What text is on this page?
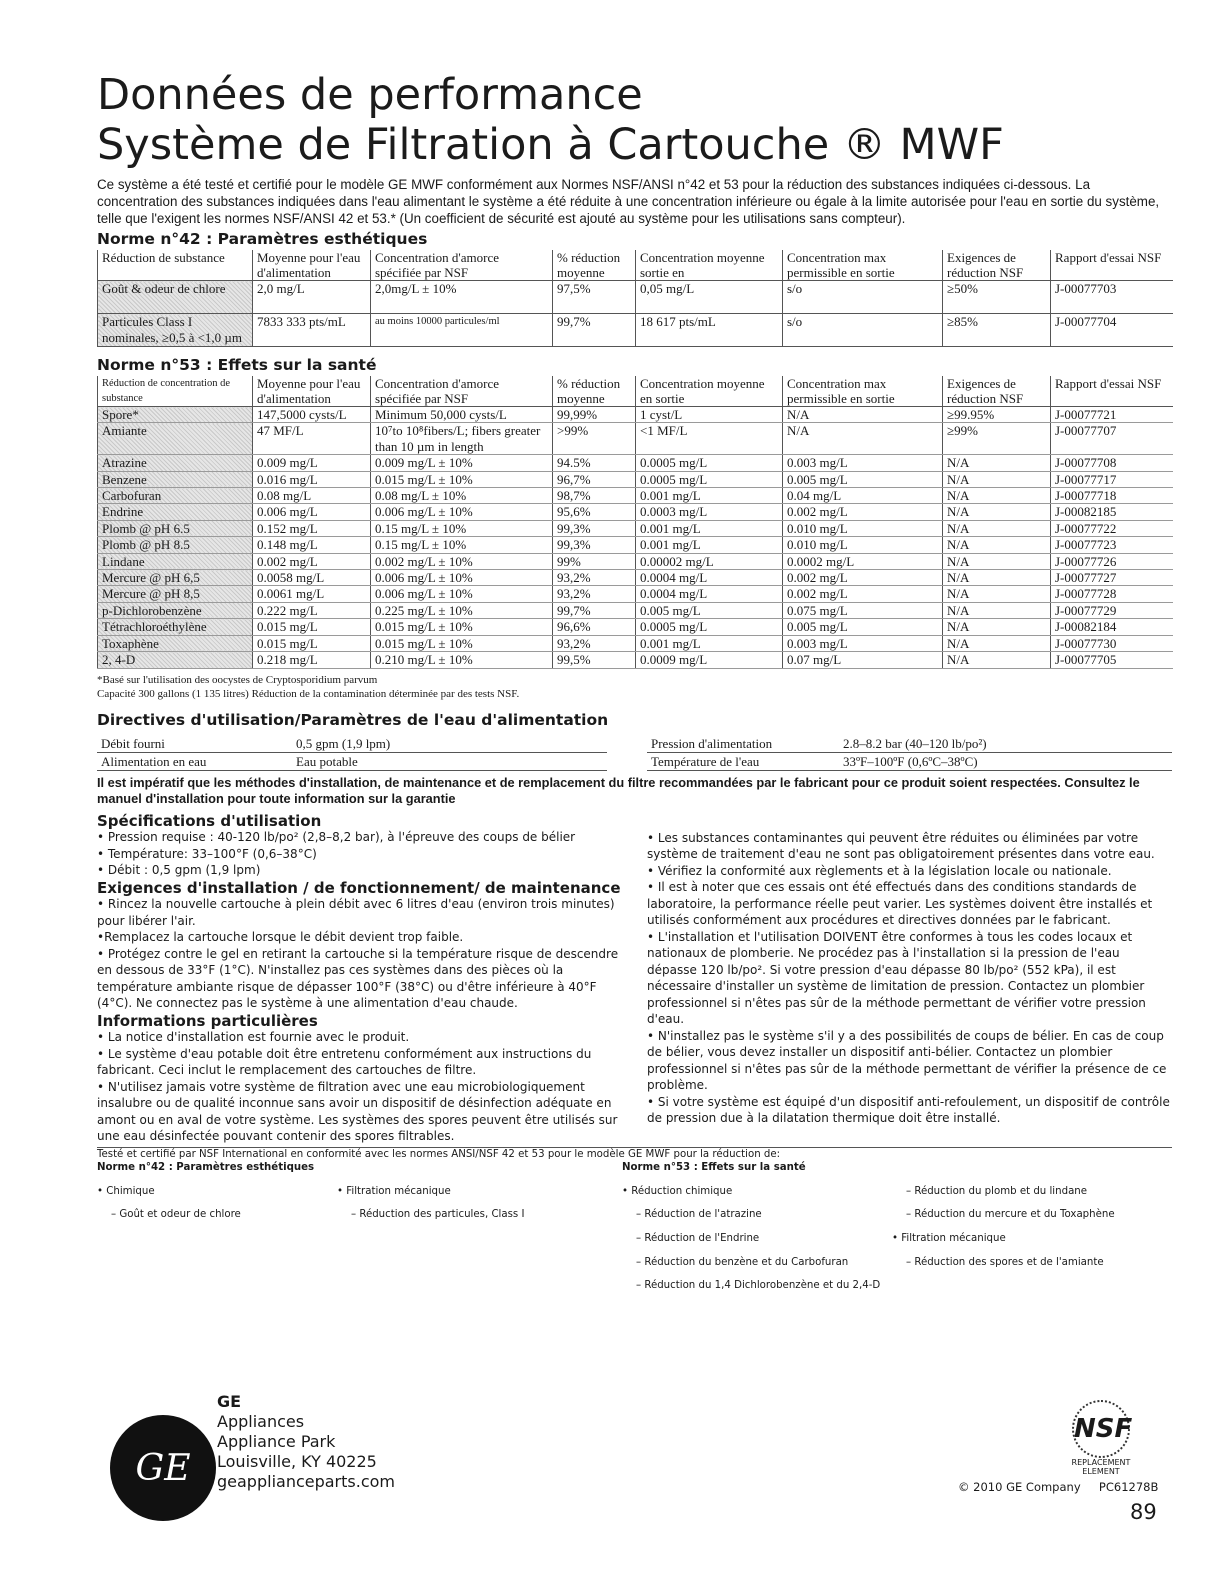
Données de performance
Système de Filtration à Cartouche ® MWF
Ce système a été testé et certifié pour le modèle GE MWF conformément aux Normes NSF/ANSI n°42 et 53 pour la réduction des substances indiquées ci-dessous. La concentration des substances indiquées dans l'eau alimentant le système a été réduite à une concentration inférieure ou égale à la limite autorisée pour l'eau en sortie du système, telle que l'exigent les normes NSF/ANSI 42 et 53.* (Un coefficient de sécurité est ajouté au système pour les utilisations sans compteur).
Norme n°42 : Paramètres esthétiques
Réduction de substance	Moyenne pour l'eau d'alimentation	Concentration d'amorce spécifiée par NSF	% réduction moyenne	Concentration moyenne sortie en	Concentration max permissible en sortie	Exigences de réduction NSF	Rapport d'essai NSF
Goût & odeur de chlore	2,0 mg/L	2,0mg/L ± 10%	97,5%	0,05 mg/L	s/o	≥50%	J-00077703
Particules Class I nominales, ≥0,5 à <1,0 µm	7833 333 pts/mL	au moins 10000 particules/ml	99,7%	18 617 pts/mL	s/o	≥85%	J-00077704
Norme n°53 : Effets sur la santé
Réduction de concentration de substance	Moyenne pour l'eau d'alimentation	Concentration d'amorce spécifiée par NSF	% réduction moyenne	Concentration moyenne en sortie	Concentration max permissible en sortie	Exigences de réduction NSF	Rapport d'essai NSF
Spore*	147,5000 cysts/L	Minimum 50,000 cysts/L	99,99%	1 cyst/L	N/A	≥99.95%	J-00077721
Amiante	47 MF/L	10⁷to 10⁸fibers/L; fibers greater than 10 µm in length	>99%	<1 MF/L	N/A	≥99%	J-00077707
Atrazine	0.009 mg/L	0.009 mg/L ± 10%	94.5%	0.0005 mg/L	0.003 mg/L	N/A	J-00077708
Benzene	0.016 mg/L	0.015 mg/L ± 10%	96,7%	0.0005 mg/L	0.005 mg/L	N/A	J-00077717
Carbofuran	0.08 mg/L	0.08 mg/L ± 10%	98,7%	0.001 mg/L	0.04 mg/L	N/A	J-00077718
Endrine	0.006 mg/L	0.006 mg/L ± 10%	95,6%	0.0003 mg/L	0.002 mg/L	N/A	J-00082185
Plomb @ pH 6.5	0.152 mg/L	0.15 mg/L ± 10%	99,3%	0.001 mg/L	0.010 mg/L	N/A	J-00077722
Plomb @ pH 8.5	0.148 mg/L	0.15 mg/L ± 10%	99,3%	0.001 mg/L	0.010 mg/L	N/A	J-00077723
Lindane	0.002 mg/L	0.002 mg/L ± 10%	99%	0.00002 mg/L	0.0002 mg/L	N/A	J-00077726
Mercure @ pH 6,5	0.0058 mg/L	0.006 mg/L ± 10%	93,2%	0.0004 mg/L	0.002 mg/L	N/A	J-00077727
Mercure @ pH 8,5	0.0061 mg/L	0.006 mg/L ± 10%	93,2%	0.0004 mg/L	0.002 mg/L	N/A	J-00077728
p-Dichlorobenzène	0.222 mg/L	0.225 mg/L ± 10%	99,7%	0.005 mg/L	0.075 mg/L	N/A	J-00077729
Tétrachloroéthylène	0.015 mg/L	0.015 mg/L ± 10%	96,6%	0.0005 mg/L	0.005 mg/L	N/A	J-00082184
Toxaphène	0.015 mg/L	0.015 mg/L ± 10%	93,2%	0.001 mg/L	0.003 mg/L	N/A	J-00077730
2, 4-D	0.218 mg/L	0.210 mg/L ± 10%	99,5%	0.0009 mg/L	0.07 mg/L	N/A	J-00077705
*Basé sur l'utilisation des oocystes de Cryptosporidium parvum
Capacité 300 gallons (1 135 litres) Réduction de la contamination déterminée par des tests NSF.
Directives d'utilisation/Paramètres de l'eau d'alimentation
Débit fourni	0,5 gpm (1,9 lpm)
Alimentation en eau	Eau potable
Pression d'alimentation	2.8–8.2 bar (40–120 lb/po²)
Température de l'eau	33ºF–100ºF (0,6ºC–38ºC)
Il est impératif que les méthodes d'installation, de maintenance et de remplacement du filtre recommandées par le fabricant pour ce produit soient respectées. Consultez le manuel d'installation pour toute information sur la garantie
Spécifications d'utilisation

• Pression requise : 40-120 lb/po² (2,8–8,2 bar), à l'épreuve des coups de bélier

• Température: 33–100°F (0,6–38°C)

• Débit : 0,5 gpm (1,9 lpm)

Exigences d'installation / de fonctionnement/ de maintenance

• Rincez la nouvelle cartouche à plein débit avec 6 litres d'eau (environ trois minutes) pour libérer l'air.

•Remplacez la cartouche lorsque le débit devient trop faible.

• Protégez contre le gel en retirant la cartouche si la température risque de descendre en dessous de 33°F (1°C). N'installez pas ces systèmes dans des pièces où la température ambiante risque de dépasser 100°F (38°C) ou d'être inférieure à 40°F (4°C). Ne connectez pas le système à une alimentation d'eau chaude.

Informations particulières

• La notice d'installation est fournie avec le produit.

• Le système d'eau potable doit être entretenu conformément aux instructions du fabricant. Ceci inclut le remplacement des cartouches de filtre.

• N'utilisez jamais votre système de filtration avec une eau microbiologiquement insalubre ou de qualité inconnue sans avoir un dispositif de désinfection adéquate en amont ou en aval de votre système. Les systèmes des spores peuvent être utilisés sur une eau désinfectée pouvant contenir des spores filtrables.

• Les substances contaminantes qui peuvent être réduites ou éliminées par votre système de traitement d'eau ne sont pas obligatoirement présentes dans votre eau.

• Vérifiez la conformité aux règlements et à la législation locale ou nationale.

• Il est à noter que ces essais ont été effectués dans des conditions standards de laboratoire, la performance réelle peut varier. Les systèmes doivent être installés et utilisés conformément aux procédures et directives données par le fabricant.

• L'installation et l'utilisation DOIVENT être conformes à tous les codes locaux et nationaux de plomberie. Ne procédez pas à l'installation si la pression de l'eau dépasse 120 lb/po². Si votre pression d'eau dépasse 80 lb/po² (552 kPa), il est nécessaire d'installer un système de limitation de pression. Contactez un plombier professionnel si n'êtes pas sûr de la méthode permettant de vérifier votre pression d'eau.

• N'installez pas le système s'il y a des possibilités de coups de bélier. En cas de coup de bélier, vous devez installer un dispositif anti-bélier. Contactez un plombier professionnel si n'êtes pas sûr de la méthode permettant de vérifier la présence de ce problème.

• Si votre système est équipé d'un dispositif anti-refoulement, un dispositif de contrôle de pression due à la dilatation thermique doit être installé.

Testé et certifié par NSF International en conformité avec les normes ANSI/NSF 42 et 53 pour le modèle GE MWF pour la réduction de:
Norme n°42 : Paramètres esthétiques

• Chimique

– Goût et odeur de chlore

• Filtration mécanique

– Réduction des particules, Class I

Norme n°53 : Effets sur la santé

• Réduction chimique

– Réduction de l'atrazine

– Réduction de l'Endrine

– Réduction du benzène et du Carbofuran

– Réduction du 1,4 Dichlorobenzène et du 2,4-D

– Réduction du plomb et du lindane

– Réduction du mercure et du Toxaphène

• Filtration mécanique

– Réduction des spores et de l'amiante

GE
GE
Appliances
Appliance Park
Louisville, KY 40225
geapplianceparts.com
NSF
REPLACEMENT
ELEMENT
© 2010 GE Company PC61278B
89
